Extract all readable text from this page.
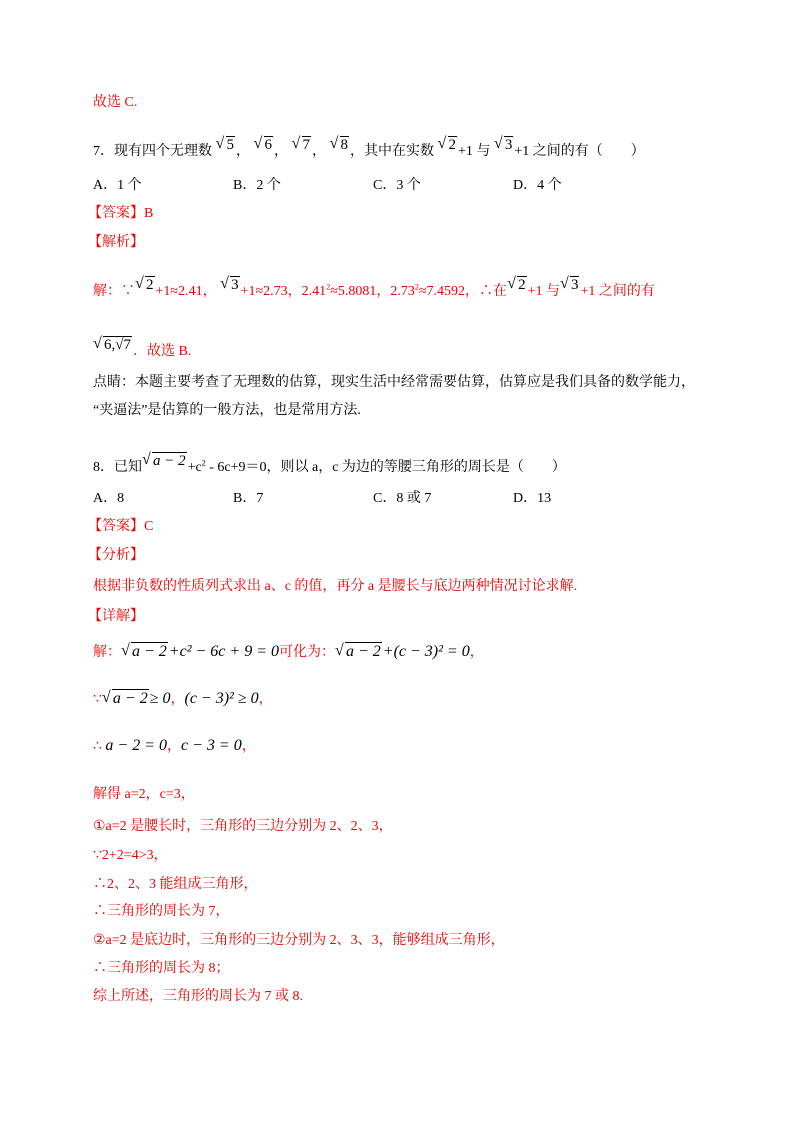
故选 C.
7．现有四个无理数 √ 5 ， √ 6 ， √ 7 ， √ 8 ，其中在实数 √ 2 +1 与 √ 3 +1 之间的有（　　）
A．1 个	B．2 个	C．3 个	D．4 个
【答案】B
【解析】
解：∵ √ 2 +1≈2.41， √ 3 +1≈2.73，$2.41^2\approx 5.8081$，$2.73^2\approx 7.4592$，∴在 √ 2 +1 与 √ 3 +1 之间的有
√ 6,√7 ．故选 B.
点睛：本题主要考查了无理数的估算，现实生活中经常需要估算，估算应是我们具备的数学能力，
“夹逼法”是估算的一般方法，也是常用方法.
8．已知 √ $a - 2 +c^2 - 6c+9=0$，则以 a，c 为边的等腰三角形的周长是（　　）
A．8	B．7	C．8 或 7	D．13
【答案】C
【分析】
根据非负数的性质列式求出 a、c 的值，再分 a 是腰长与底边两种情况讨论求解.
【详解】
解： √ a − 2 +c² − 6c + 9 = 0可化为： √ a − 2 +(c − 3)² = 0，
∵ √ a − 2 ≥ 0，(c − 3)² ≥ 0，
∴ a − 2 = 0，c − 3 = 0，
解得 a=2，c=3，
①a=2 是腰长时，三角形的三边分别为 2、2、3，
∵2+2=4>3，
∴2、2、3 能组成三角形，
∴三角形的周长为 7，
②a=2 是底边时，三角形的三边分别为 2、3、3，能够组成三角形，
∴三角形的周长为 8；
综上所述，三角形的周长为 7 或 8.
